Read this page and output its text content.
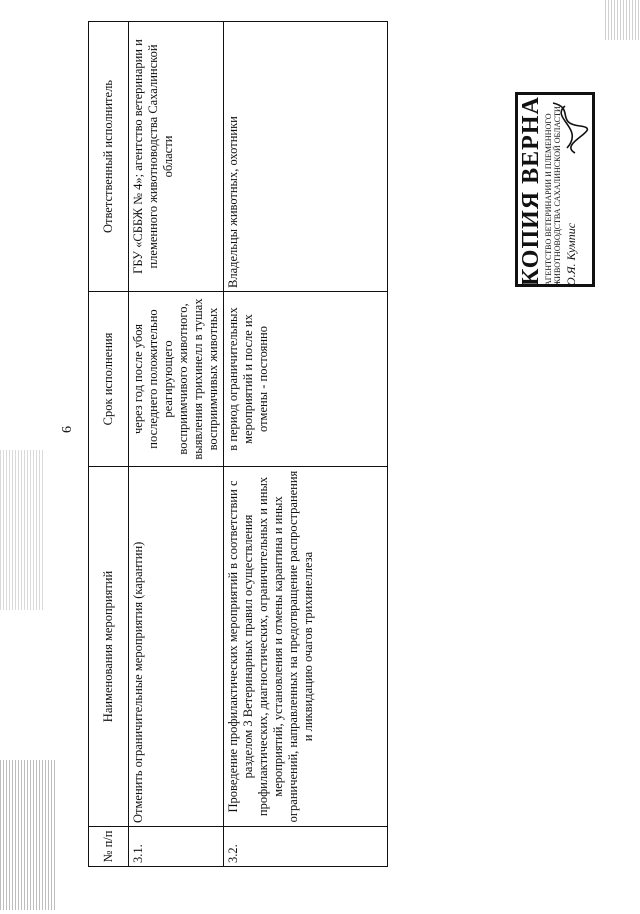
6
№ п/п	Наименования мероприятий	Срок исполнения	Ответственный исполнитель
3.1.	Отменить ограничительные мероприятия (карантин)	через год после убоя последнего положительно реагирующего восприимчивого животного, выявления трихинелл в тушах восприимчивых животных	ГБУ «СББЖ № 4»; агентство ветеринарии и племенного животноводства Сахалинской области
3.2.	Проведение профилактических мероприятий в соответствии с разделом 3 Ветеринарных правил осуществления профилактических, диагностических, ограничительных и иных мероприятий, установления и отмены карантина и иных ограничений, направленных на предотвращение распространения и ликвидацию очагов трихинеллеза	в период ограничительных мероприятий и после их отмены - постоянно	Владельцы животных, охотники	КОПИЯ ВЕРНА АГЕНТСТВО ВЕТЕРИНАРИИ И ПЛЕМЕННОГО ЖИВОТНОВОДСТВА САХАЛИНСКОЙ ОБЛАСТИ О.Я. Кумпис
